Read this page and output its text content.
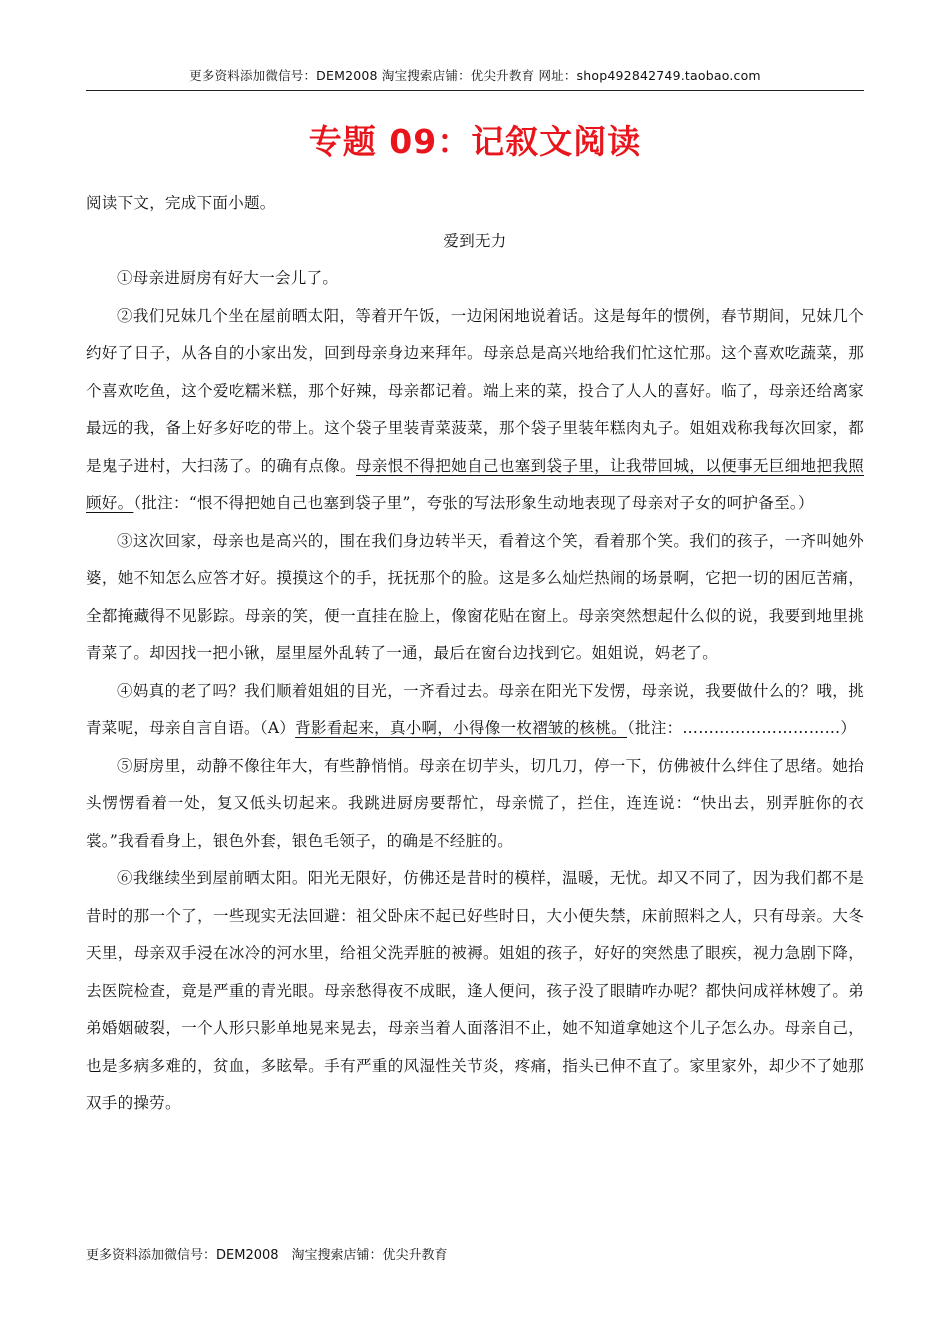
更多资料添加微信号：DEM2008 淘宝搜索店铺：优尖升教育 网址：shop492842749.taobao.com
专题 09：记叙文阅读

阅读下文，完成下面小题。

爱到无力

①母亲进厨房有好大一会儿了。

②我们兄妹几个坐在屋前晒太阳，等着开午饭，一边闲闲地说着话。这是每年的惯例，春节期间，兄妹几个约好了日子，从各自的小家出发，回到母亲身边来拜年。母亲总是高兴地给我们忙这忙那。这个喜欢吃蔬菜，那个喜欢吃鱼，这个爱吃糯米糕，那个好辣，母亲都记着。端上来的菜，投合了人人的喜好。临了，母亲还给离家最远的我，备上好多好吃的带上。这个袋子里装青菜菠菜，那个袋子里装年糕肉丸子。姐姐戏称我每次回家，都是鬼子进村，大扫荡了。的确有点像。母亲恨不得把她自己也塞到袋子里，让我带回城，以便事无巨细地把我照顾好。（批注：“恨不得把她自己也塞到袋子里”，夸张的写法形象生动地表现了母亲对子女的呵护备至。）

③这次回家，母亲也是高兴的，围在我们身边转半天，看着这个笑，看着那个笑。我们的孩子，一齐叫她外婆，她不知怎么应答才好。摸摸这个的手，抚抚那个的脸。这是多么灿烂热闹的场景啊，它把一切的困厄苦痛，全都掩藏得不见影踪。母亲的笑，便一直挂在脸上，像窗花贴在窗上。母亲突然想起什么似的说，我要到地里挑青菜了。却因找一把小锹，屋里屋外乱转了一通，最后在窗台边找到它。姐姐说，妈老了。

④妈真的老了吗？我们顺着姐姐的目光，一齐看过去。母亲在阳光下发愣，母亲说，我要做什么的？哦，挑青菜呢，母亲自言自语。（A）背影看起来，真小啊，小得像一枚褶皱的核桃。（批注：…………………………）

⑤厨房里，动静不像往年大，有些静悄悄。母亲在切芋头，切几刀，停一下，仿佛被什么绊住了思绪。她抬头愣愣看着一处，复又低头切起来。我跳进厨房要帮忙，母亲慌了，拦住，连连说：“快出去，别弄脏你的衣裳。”我看看身上，银色外套，银色毛领子，的确是不经脏的。

⑥我继续坐到屋前晒太阳。阳光无限好，仿佛还是昔时的模样，温暖，无忧。却又不同了，因为我们都不是昔时的那一个了，一些现实无法回避：祖父卧床不起已好些时日，大小便失禁，床前照料之人，只有母亲。大冬天里，母亲双手浸在冰冷的河水里，给祖父洗弄脏的被褥。姐姐的孩子，好好的突然患了眼疾，视力急剧下降，去医院检查，竟是严重的青光眼。母亲愁得夜不成眠，逢人便问，孩子没了眼睛咋办呢？都快问成祥林嫂了。弟弟婚姻破裂，一个人形只影单地晃来晃去，母亲当着人面落泪不止，她不知道拿她这个儿子怎么办。母亲自己，也是多病多难的，贫血，多眩晕。手有严重的风湿性关节炎，疼痛，指头已伸不直了。家里家外，却少不了她那双手的操劳。

更多资料添加微信号：DEM2008　淘宝搜索店铺：优尖升教育
